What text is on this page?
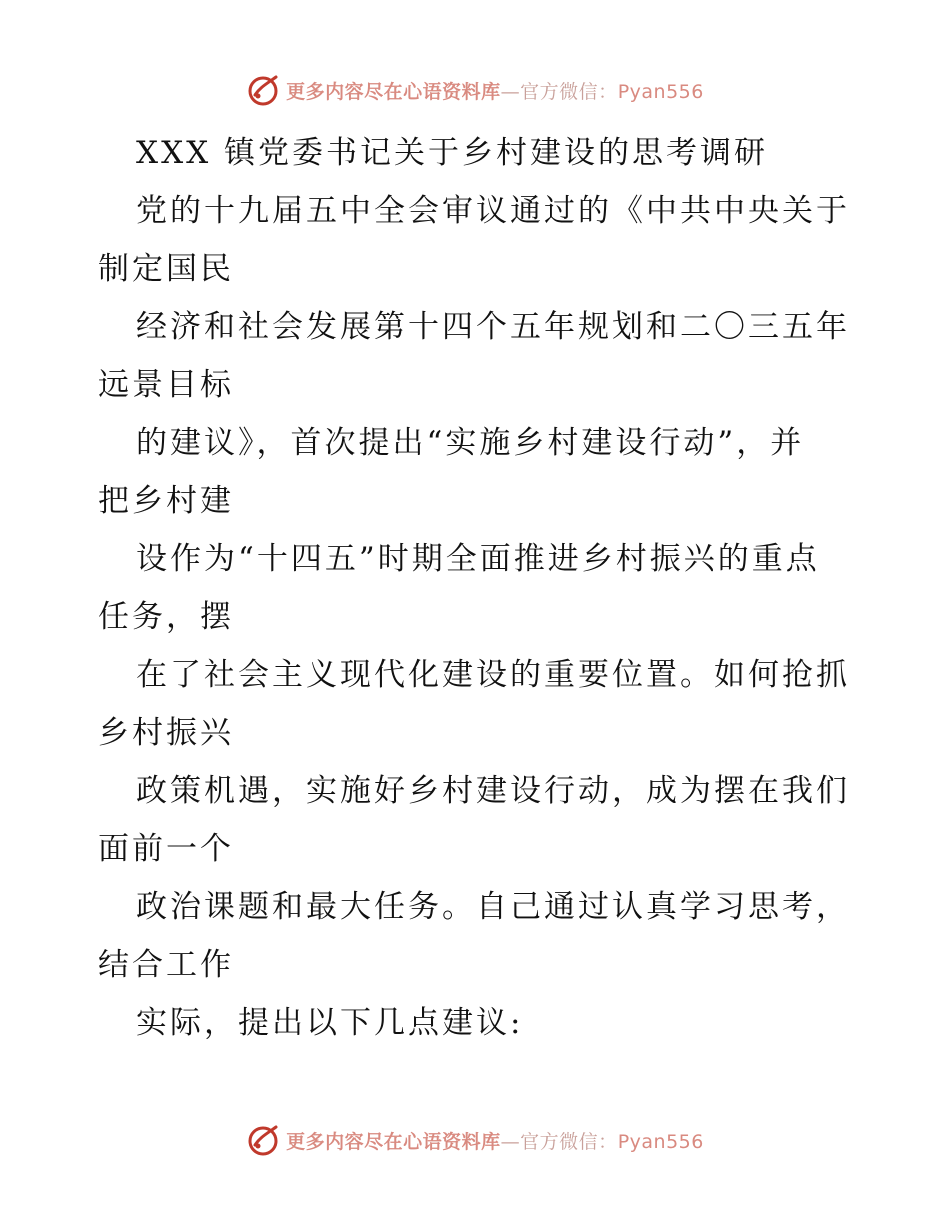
更多内容尽在心语资料库—官方微信：Pyan556
XXX 镇党委书记关于乡村建设的思考调研
党的十九届五中全会审议通过的《中共中央关于
制定国民
经济和社会发展第十四个五年规划和二〇三五年
远景目标
的建议》，首次提出“实施乡村建设行动”，并
把乡村建
设作为“十四五”时期全面推进乡村振兴的重点
任务，摆
在了社会主义现代化建设的重要位置。如何抢抓
乡村振兴
政策机遇，实施好乡村建设行动，成为摆在我们
面前一个
政治课题和最大任务。自己通过认真学习思考，
结合工作
实际，提出以下几点建议:
更多内容尽在心语资料库—官方微信：Pyan556
